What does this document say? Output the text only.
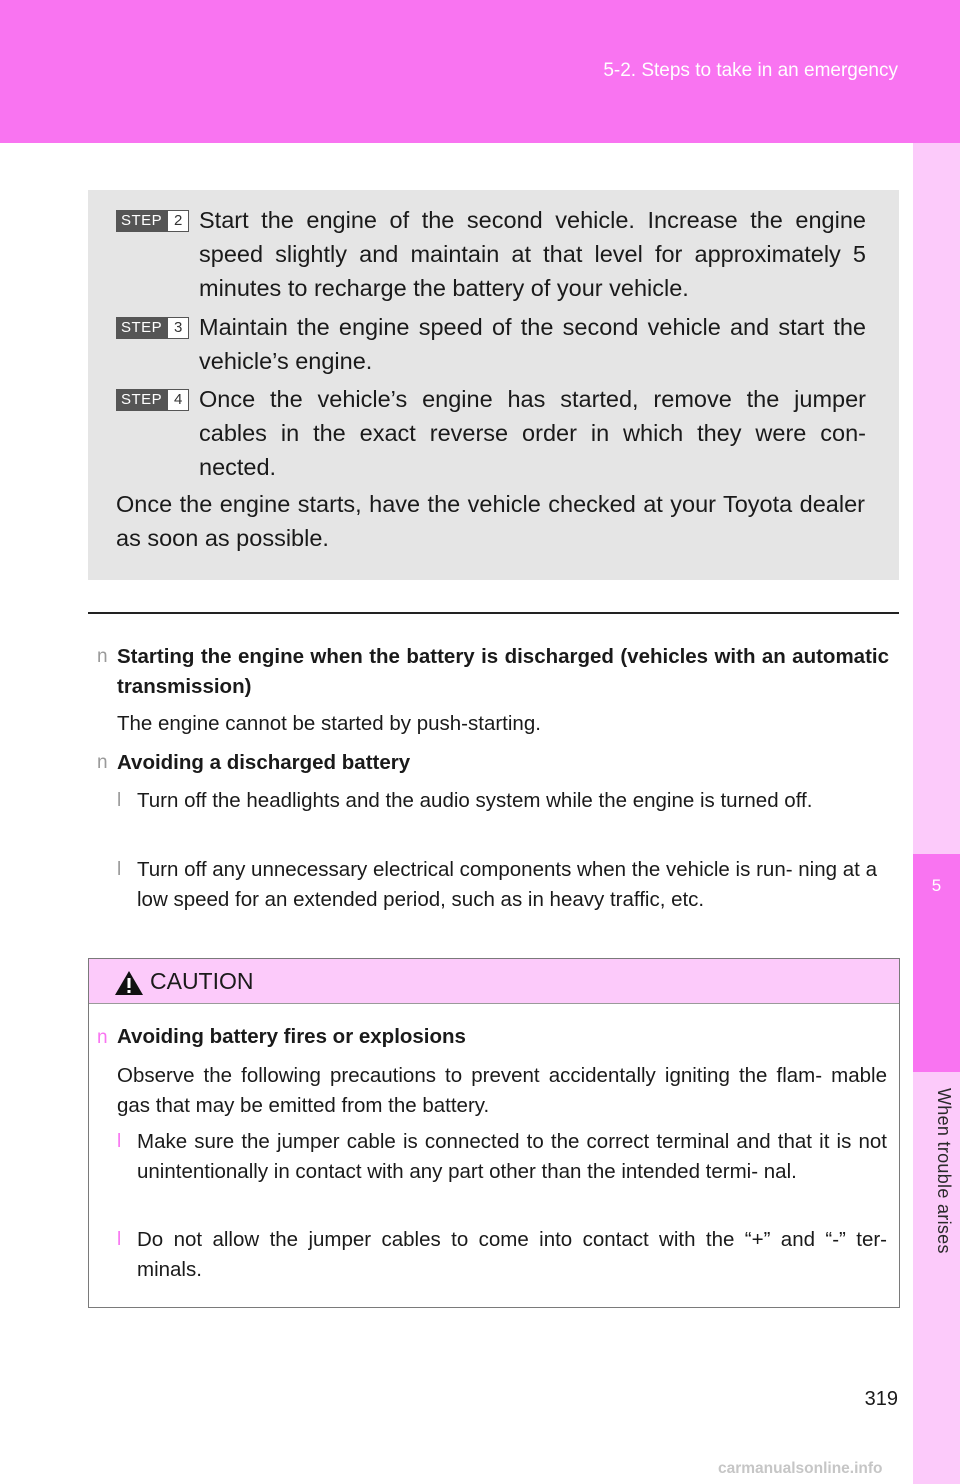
5-2. Steps to take in an emergency
5
When trouble arises
STEP 2 Start the engine of the second vehicle. Increase the engine speed slightly and maintain at that level for approximately 5 minutes to recharge the battery of your vehicle.
STEP 3 Maintain the engine speed of the second vehicle and start the vehicle’s engine.
STEP 4 Once the vehicle’s engine has started, remove the jumper cables in the exact reverse order in which they were con- nected.
Once the engine starts, have the vehicle checked at your Toyota dealer as soon as possible.
n Starting the engine when the battery is discharged (vehicles with an automatic transmission)
The engine cannot be started by push-starting.
n Avoiding a discharged battery
l Turn off the headlights and the audio system while the engine is turned off.
l Turn off any unnecessary electrical components when the vehicle is run- ning at a low speed for an extended period, such as in heavy traffic, etc.
CAUTION
n Avoiding battery fires or explosions
Observe the following precautions to prevent accidentally igniting the flam- mable gas that may be emitted from the battery.
l Make sure the jumper cable is connected to the correct terminal and that it is not unintentionally in contact with any part other than the intended termi- nal.
l Do not allow the jumper cables to come into contact with the “+” and “-” ter- minals.
319
carmanualsonline.info
